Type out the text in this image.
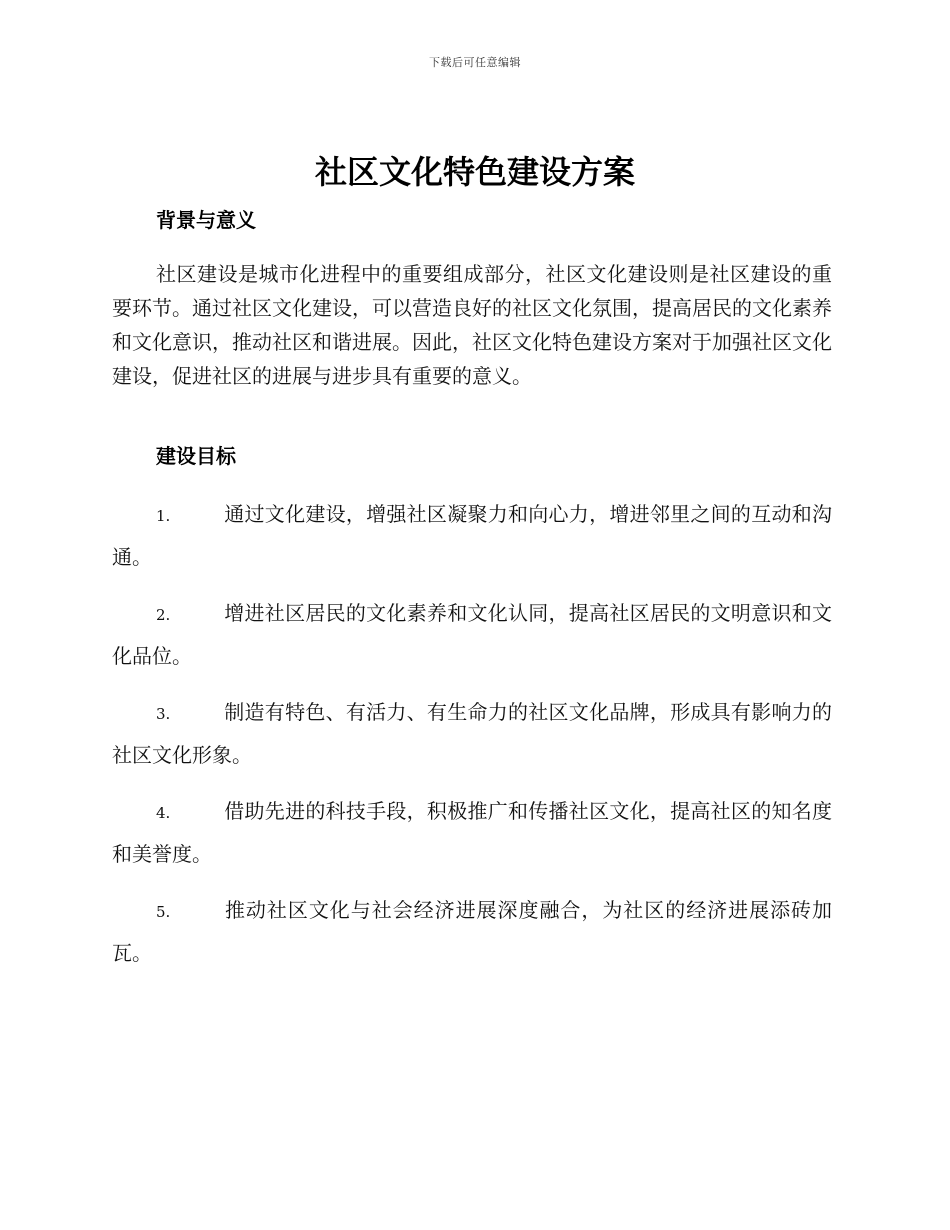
下载后可任意编辑
社区文化特色建设方案
背景与意义

社区建设是城市化进程中的重要组成部分，社区文化建设则是社区建设的重要环节。通过社区文化建设，可以营造良好的社区文化氛围，提高居民的文化素养和文化意识，推动社区和谐进展。因此，社区文化特色建设方案对于加强社区文化建设，促进社区的进展与进步具有重要的意义。

建设目标
1.	通过文化建设，增强社区凝聚力和向心力，增进邻里之间的互动和沟通。
2.	增进社区居民的文化素养和文化认同，提高社区居民的文明意识和文化品位。
3.	制造有特色、有活力、有生命力的社区文化品牌，形成具有影响力的社区文化形象。
4.	借助先进的科技手段，积极推广和传播社区文化，提高社区的知名度和美誉度。
5.	推动社区文化与社会经济进展深度融合，为社区的经济进展添砖加瓦。
